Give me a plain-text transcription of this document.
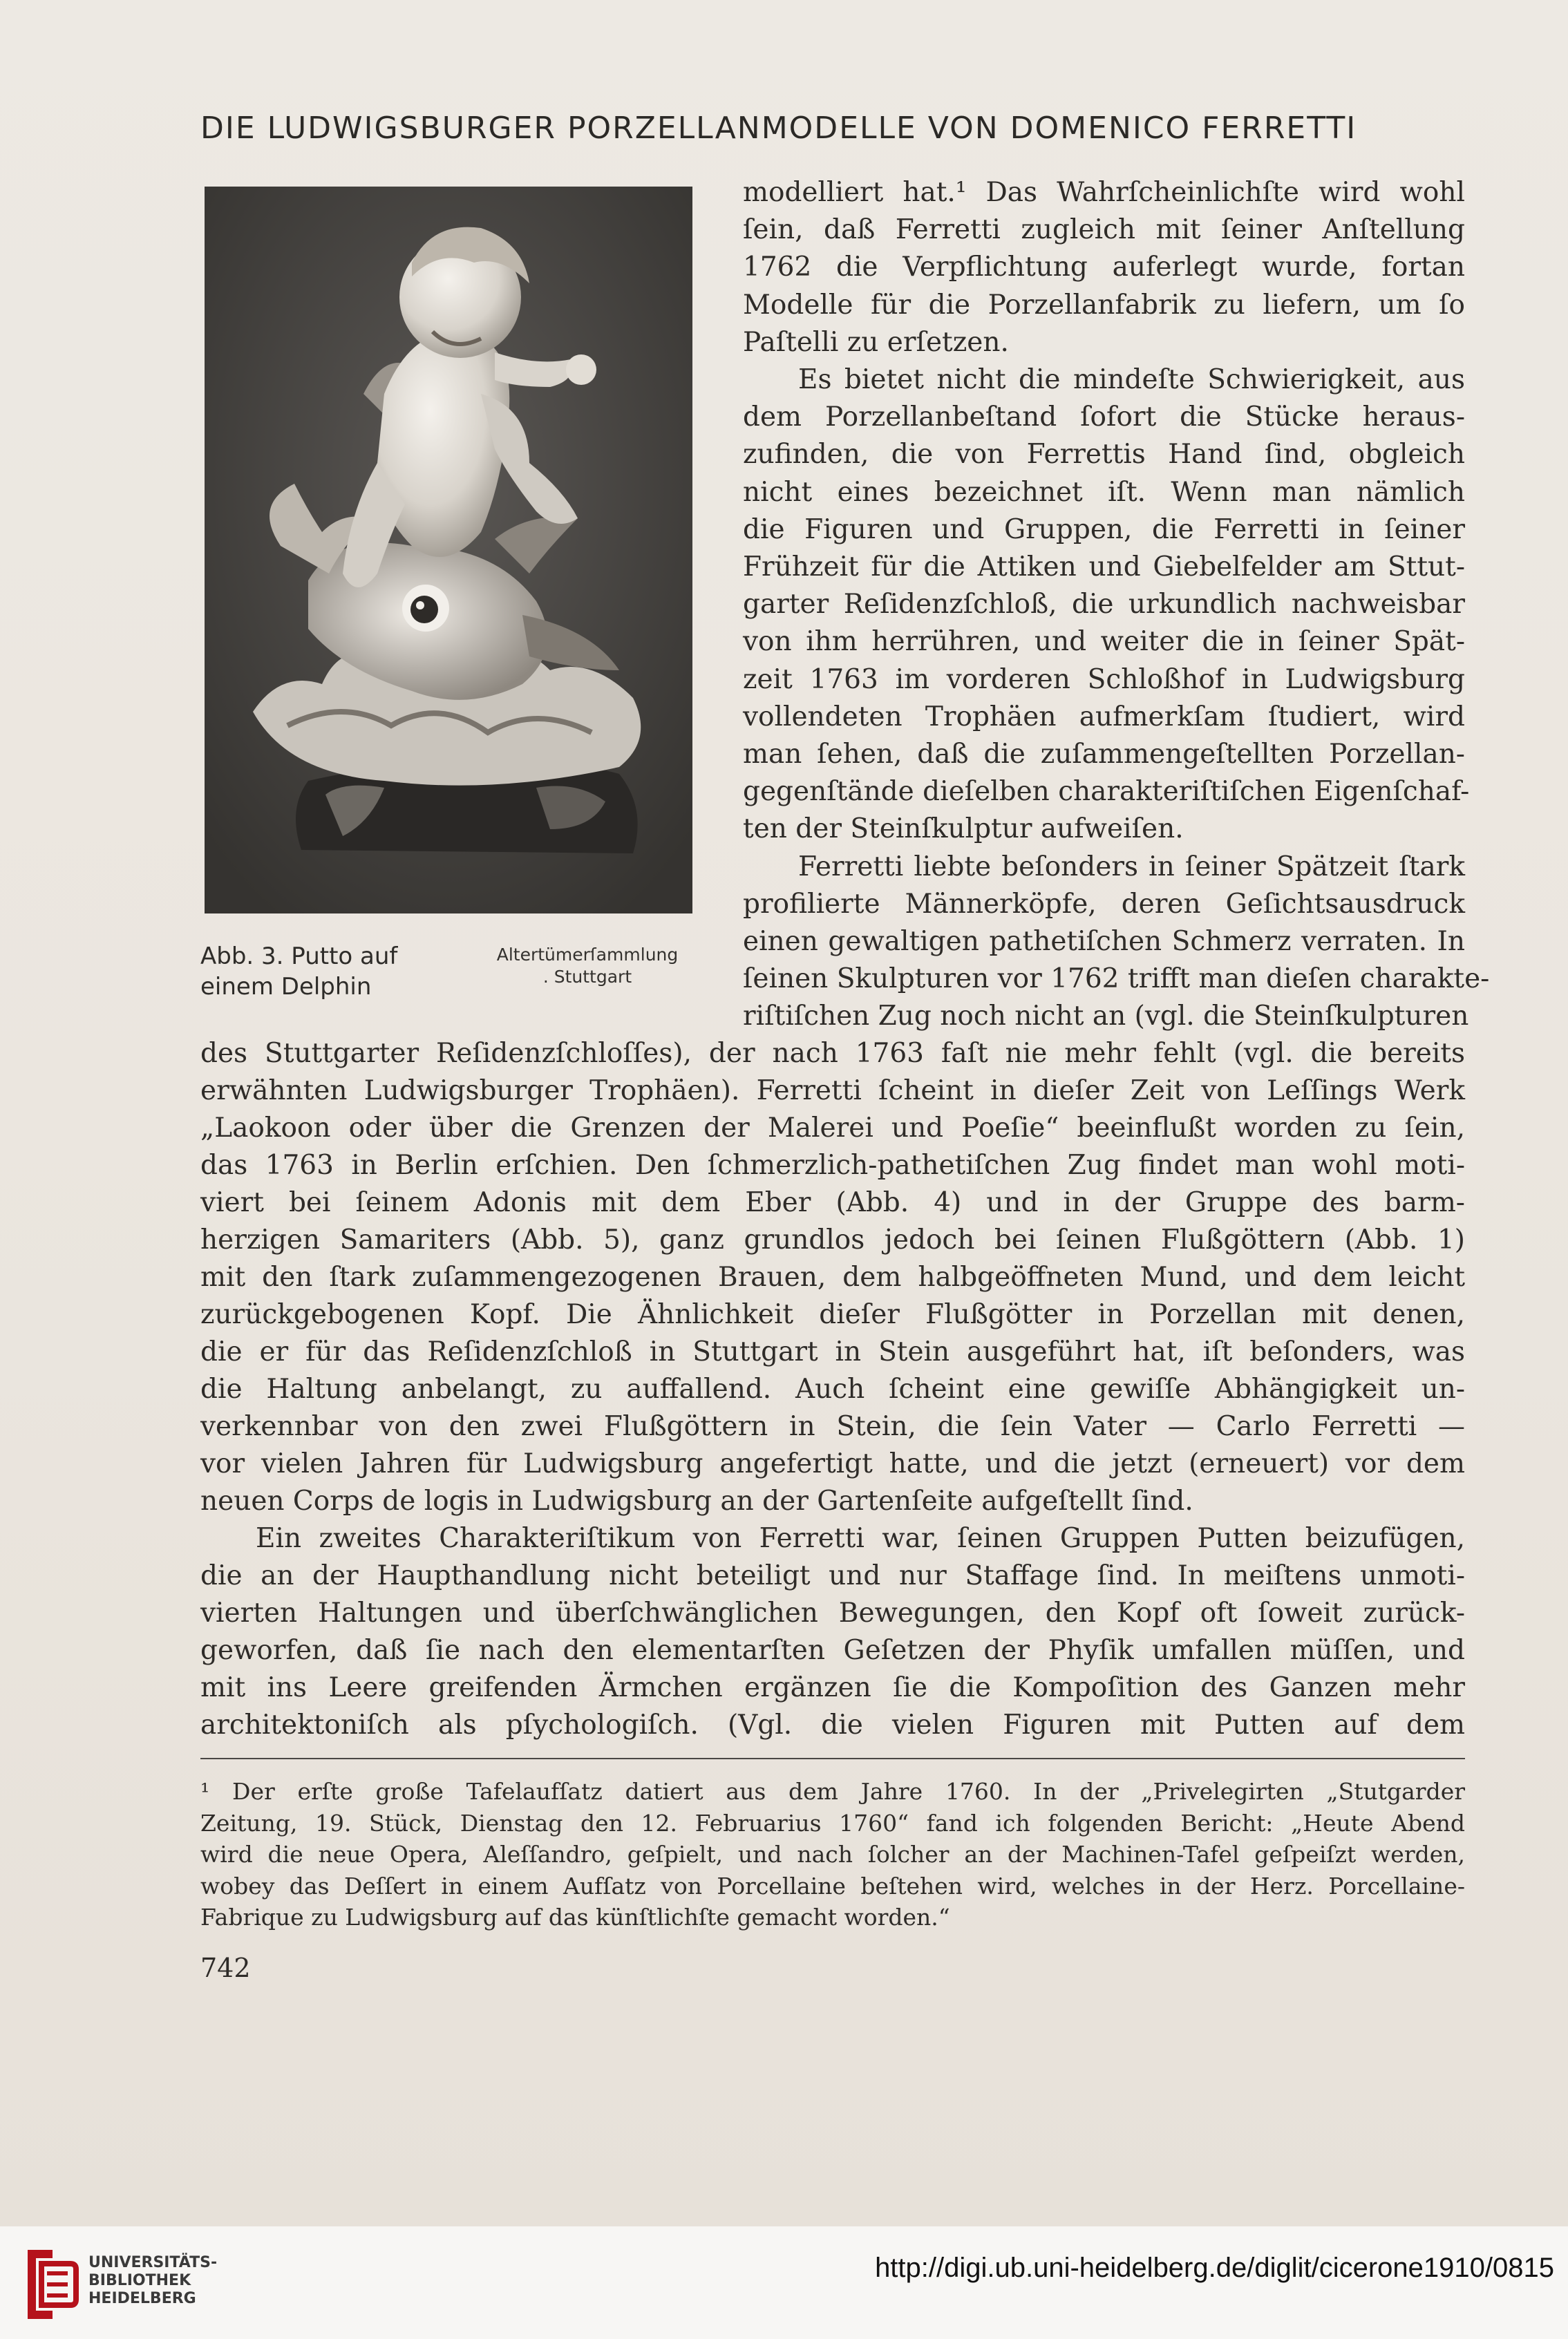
DIE LUDWIGSBURGER PORZELLANMODELLE VON DOMENICO FERRETTI
Abb. 3. Putto auf
einem Delphin
Altertümerſammlung
. Stuttgart
modelliert hat.¹ Das Wahrſcheinlichſte wird wohl
ſein, daß Ferretti zugleich mit ſeiner Anſtellung
1762 die Verpflichtung auferlegt wurde, fortan
Modelle für die Porzellanfabrik zu liefern, um ſo
Paſtelli zu erſetzen.
Es bietet nicht die mindeſte Schwierigkeit, aus
dem Porzellanbeſtand ſofort die Stücke heraus-
zufinden, die von Ferrettis Hand ſind, obgleich
nicht eines bezeichnet iſt. Wenn man nämlich
die Figuren und Gruppen, die Ferretti in ſeiner
Frühzeit für die Attiken und Giebelfelder am Sttut-
garter Reſidenzſchloß, die urkundlich nachweisbar
von ihm herrühren, und weiter die in ſeiner Spät-
zeit 1763 im vorderen Schloßhof in Ludwigsburg
vollendeten Trophäen aufmerkſam ſtudiert, wird
man ſehen, daß die zuſammengeſtellten Porzellan-
gegenſtände dieſelben charakteriſtiſchen Eigenſchaf-
ten der Steinſkulptur aufweiſen.
Ferretti liebte beſonders in ſeiner Spätzeit ſtark
profilierte Männerköpfe, deren Geſichtsausdruck
einen gewaltigen pathetiſchen Schmerz verraten. In
ſeinen Skulpturen vor 1762 trifft man dieſen charakte-
riſtiſchen Zug noch nicht an (vgl. die Steinſkulpturen
des Stuttgarter Reſidenzſchloſſes), der nach 1763 faſt nie mehr fehlt (vgl. die bereits
erwähnten Ludwigsburger Trophäen). Ferretti ſcheint in dieſer Zeit von Leſſings Werk
„Laokoon oder über die Grenzen der Malerei und Poeſie“ beeinflußt worden zu ſein,
das 1763 in Berlin erſchien. Den ſchmerzlich-pathetiſchen Zug findet man wohl moti-
viert bei ſeinem Adonis mit dem Eber (Abb. 4) und in der Gruppe des barm-
herzigen Samariters (Abb. 5), ganz grundlos jedoch bei ſeinen Flußgöttern (Abb. 1)
mit den ſtark zuſammengezogenen Brauen, dem halbgeöffneten Mund, und dem leicht
zurückgebogenen Kopf. Die Ähnlichkeit dieſer Flußgötter in Porzellan mit denen,
die er für das Reſidenzſchloß in Stuttgart in Stein ausgeführt hat, iſt beſonders, was
die Haltung anbelangt, zu auffallend. Auch ſcheint eine gewiſſe Abhängigkeit un-
verkennbar von den zwei Flußgöttern in Stein, die ſein Vater — Carlo Ferretti —
vor vielen Jahren für Ludwigsburg angefertigt hatte, und die jetzt (erneuert) vor dem
neuen Corps de logis in Ludwigsburg an der Gartenſeite aufgeſtellt ſind.
Ein zweites Charakteriſtikum von Ferretti war, ſeinen Gruppen Putten beizufügen,
die an der Haupthandlung nicht beteiligt und nur Staffage ſind. In meiſtens unmoti-
vierten Haltungen und überſchwänglichen Bewegungen, den Kopf oft ſoweit zurück-
geworfen, daß ſie nach den elementarſten Geſetzen der Phyſik umfallen müſſen, und
mit ins Leere greifenden Ärmchen ergänzen ſie die Kompoſition des Ganzen mehr
architektoniſch als pſychologiſch. (Vgl. die vielen Figuren mit Putten auf dem
¹ Der erſte große Tafelaufſatz datiert aus dem Jahre 1760. In der „Privelegirten „Stutgarder
Zeitung, 19. Stück, Dienstag den 12. Februarius 1760“ fand ich folgenden Bericht: „Heute Abend
wird die neue Opera, Aleſſandro, geſpielt, und nach ſolcher an der Machinen-Tafel geſpeiſzt werden,
wobey das Deſſert in einem Aufſatz von Porcellaine beſtehen wird, welches in der Herz. Porcellaine-
Fabrique zu Ludwigsburg auf das künſtlichſte gemacht worden.“
742
UNIVERSITÄTS-
BIBLIOTHEK
HEIDELBERG
http://digi.ub.uni-heidelberg.de/diglit/cicerone1910/0815
